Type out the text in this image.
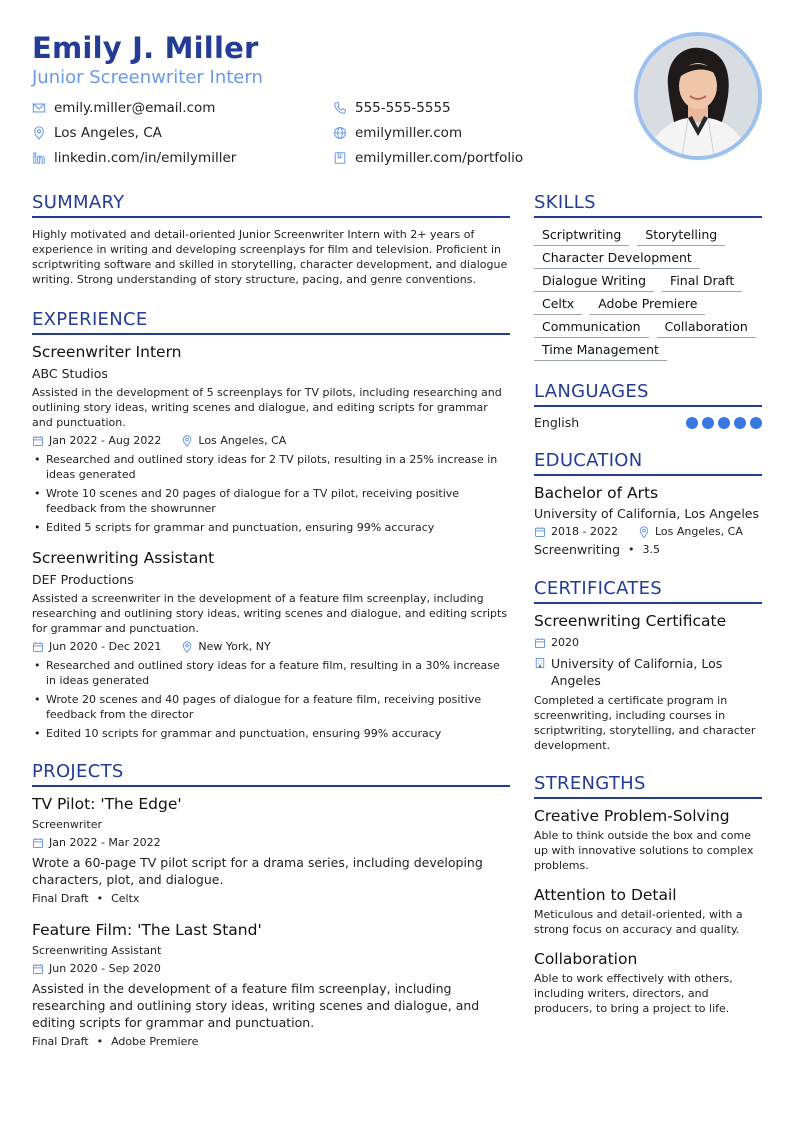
Emily J. Miller
Junior Screenwriter Intern
emily.miller@email.com	555-555-5555
Los Angeles, CA	emilymiller.com
linkedin.com/in/emilymiller	emilymiller.com/portfolio
SUMMARY
Highly motivated and detail-oriented Junior Screenwriter Intern with 2+ years of experience in writing and developing screenplays for film and television. Proficient in scriptwriting software and skilled in storytelling, character development, and dialogue writing. Strong understanding of story structure, pacing, and genre conventions.
EXPERIENCE
Screenwriter Intern
ABC Studios
Assisted in the development of 5 screenplays for TV pilots, including researching and outlining story ideas, writing scenes and dialogue, and editing scripts for grammar and punctuation.
Jan 2022 - Aug 2022	Los Angeles, CA
• Researched and outlined story ideas for 2 TV pilots, resulting in a 25% increase in ideas generated
• Wrote 10 scenes and 20 pages of dialogue for a TV pilot, receiving positive feedback from the showrunner
• Edited 5 scripts for grammar and punctuation, ensuring 99% accuracy
Screenwriting Assistant
DEF Productions
Assisted a screenwriter in the development of a feature film screenplay, including researching and outlining story ideas, writing scenes and dialogue, and editing scripts for grammar and punctuation.
Jun 2020 - Dec 2021	New York, NY
• Researched and outlined story ideas for a feature film, resulting in a 30% increase in ideas generated
• Wrote 20 scenes and 40 pages of dialogue for a feature film, receiving positive feedback from the director
• Edited 10 scripts for grammar and punctuation, ensuring 99% accuracy
PROJECTS
TV Pilot: 'The Edge'
Screenwriter
Jan 2022 - Mar 2022
Wrote a 60-page TV pilot script for a drama series, including developing characters, plot, and dialogue.
Final Draft • Celtx
Feature Film: 'The Last Stand'
Screenwriting Assistant
Jun 2020 - Sep 2020
Assisted in the development of a feature film screenplay, including researching and outlining story ideas, writing scenes and dialogue, and editing scripts for grammar and punctuation.
Final Draft • Adobe Premiere
SKILLS
Scriptwriting	Storytelling
Character Development
Dialogue Writing	Final Draft
Celtx	Adobe Premiere
Communication	Collaboration
Time Management
LANGUAGES
English
EDUCATION
Bachelor of Arts
University of California, Los Angeles
2018 - 2022	Los Angeles, CA
Screenwriting • 3.5
CERTIFICATES
Screenwriting Certificate
2020
University of California, Los Angeles
Completed a certificate program in screenwriting, including courses in scriptwriting, storytelling, and character development.
STRENGTHS
Creative Problem-Solving
Able to think outside the box and come up with innovative solutions to complex problems.
Attention to Detail
Meticulous and detail-oriented, with a strong focus on accuracy and quality.
Collaboration
Able to work effectively with others, including writers, directors, and producers, to bring a project to life.
